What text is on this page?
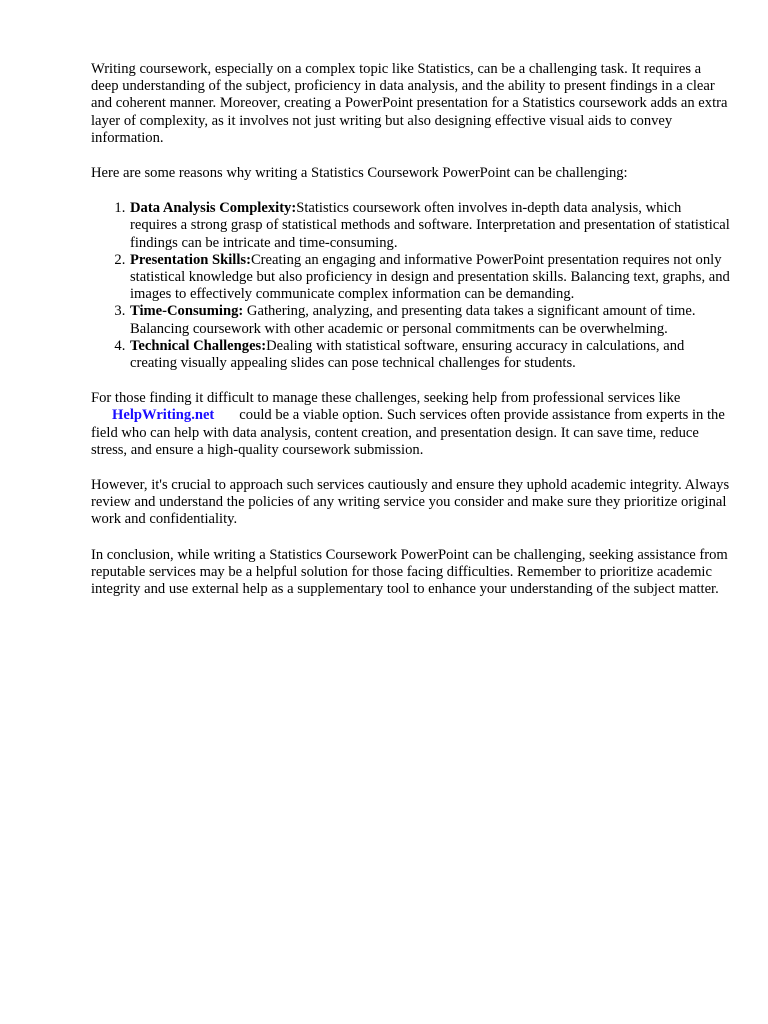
Writing coursework, especially on a complex topic like Statistics, can be a challenging task. It requires a deep understanding of the subject, proficiency in data analysis, and the ability to present findings in a clear and coherent manner. Moreover, creating a PowerPoint presentation for a Statistics coursework adds an extra layer of complexity, as it involves not just writing but also designing effective visual aids to convey information.

Here are some reasons why writing a Statistics Coursework PowerPoint can be challenging:

1. Data Analysis Complexity:Statistics coursework often involves in-depth data analysis, which requires a strong grasp of statistical methods and software. Interpretation and presentation of statistical findings can be intricate and time-consuming.
2. Presentation Skills:Creating an engaging and informative PowerPoint presentation requires not only statistical knowledge but also proficiency in design and presentation skills. Balancing text, graphs, and images to effectively communicate complex information can be demanding.
3. Time-Consuming: Gathering, analyzing, and presenting data takes a significant amount of time. Balancing coursework with other academic or personal commitments can be overwhelming.
4. Technical Challenges:Dealing with statistical software, ensuring accuracy in calculations, and creating visually appealing slides can pose technical challenges for students.

For those finding it difficult to manage these challenges, seeking help from professional services like
HelpWriting.net could be a viable option. Such services often provide assistance from experts in the field who can help with data analysis, content creation, and presentation design. It can save time, reduce stress, and ensure a high-quality coursework submission.

However, it's crucial to approach such services cautiously and ensure they uphold academic integrity. Always review and understand the policies of any writing service you consider and make sure they prioritize original work and confidentiality.

In conclusion, while writing a Statistics Coursework PowerPoint can be challenging, seeking assistance from reputable services may be a helpful solution for those facing difficulties. Remember to prioritize academic integrity and use external help as a supplementary tool to enhance your understanding of the subject matter.
